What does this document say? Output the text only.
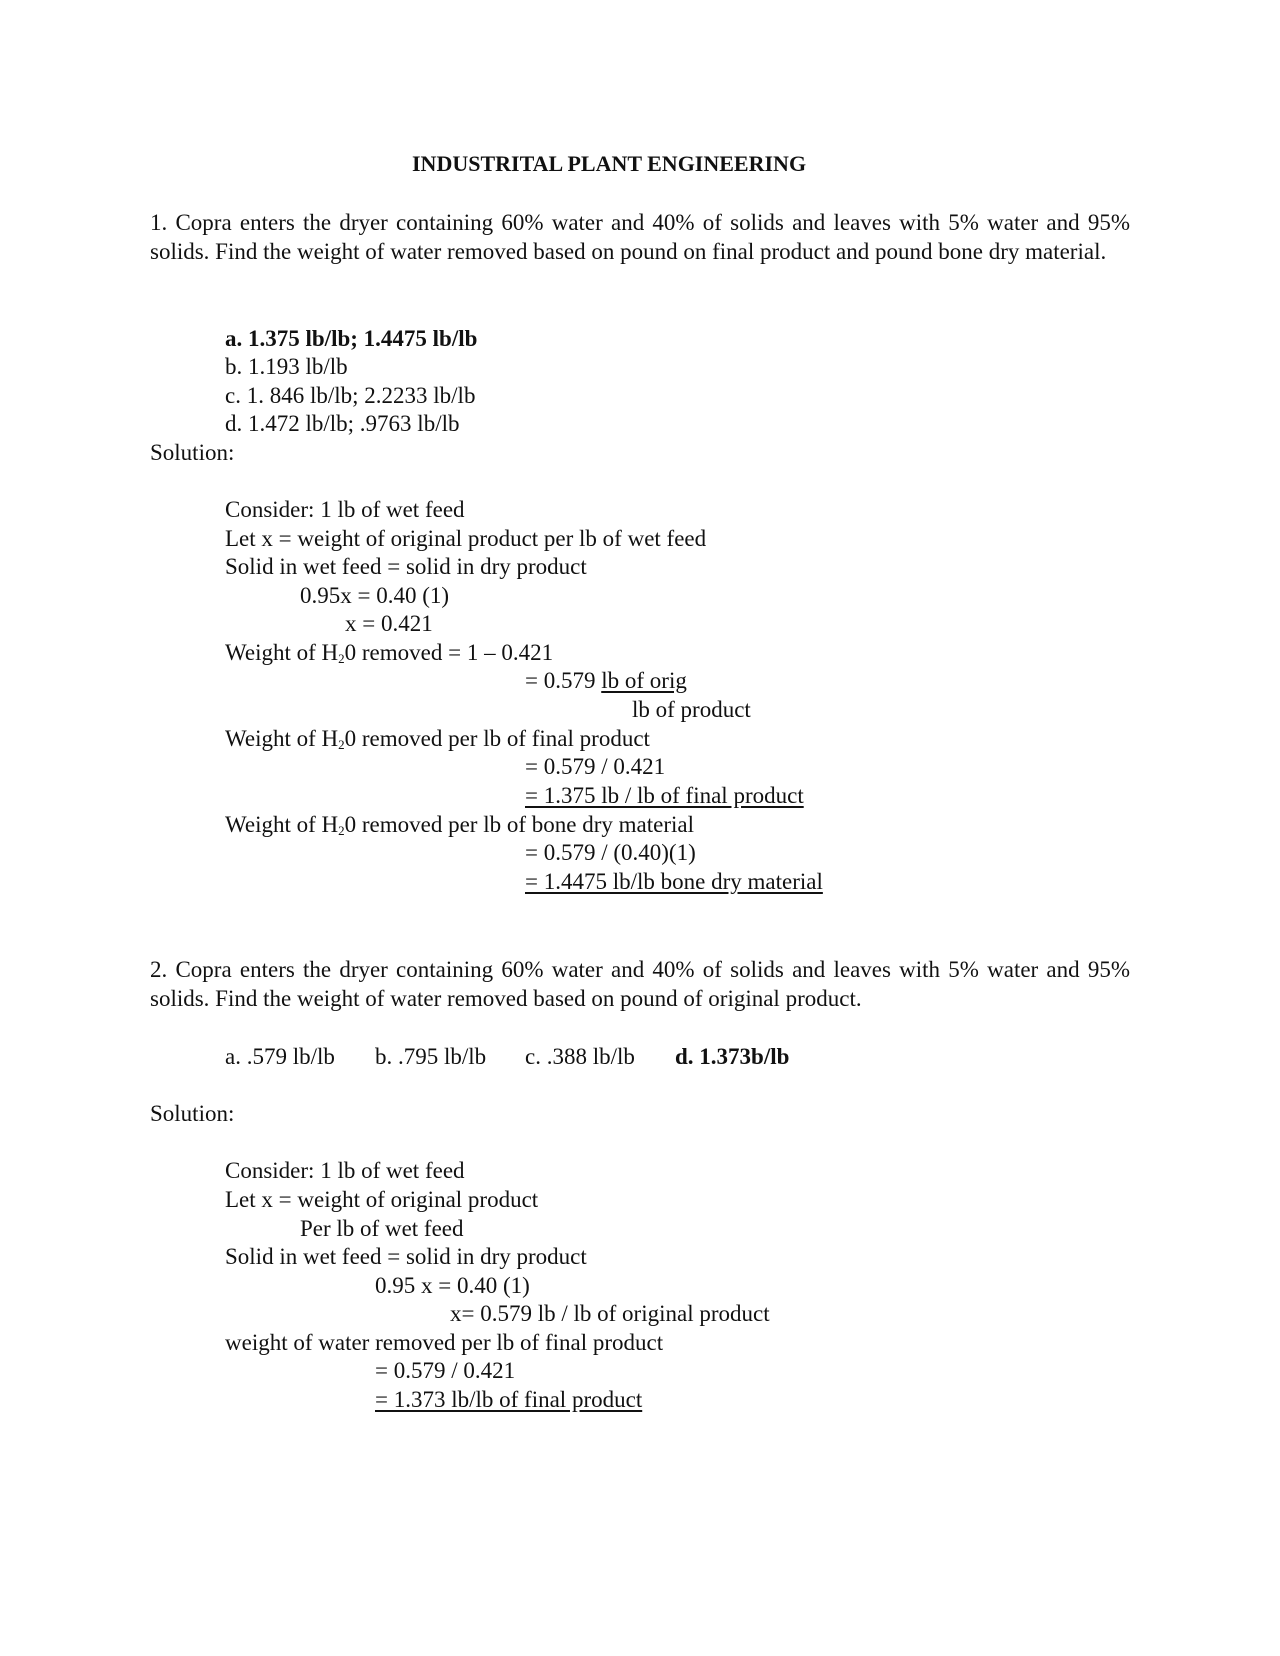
INDUSTRITAL PLANT ENGINEERING
1. Copra enters the dryer containing 60% water and 40% of solids and leaves with 5% water and 95% solids. Find the weight of water removed based on pound on final product and pound bone dry material.
a. 1.375 lb/lb; 1.4475 lb/lb
b. 1.193 lb/lb
c. 1. 846 lb/lb; 2.2233 lb/lb
d. 1.472 lb/lb; .9763 lb/lb
Solution:
Consider: 1 lb of wet feed
Let x = weight of original product per lb of wet feed
Solid in wet feed = solid in dry product
0.95x = 0.40 (1)
x = 0.421
Weight of $H_20$ removed = 1 – 0.421
= 0.579 lb of orig
lb of product
Weight of $H_20$ removed per lb of final product
= 0.579 / 0.421
= 1.375 lb / lb of final product
Weight of $H_20$ removed per lb of bone dry material
= 0.579 / (0.40)(1)
= 1.4475 lb/lb bone dry material
2. Copra enters the dryer containing 60% water and 40% of solids and leaves with 5% water and 95% solids. Find the weight of water removed based on pound of original product.
a. .579 lb/lb b. .795 lb/lb c. .388 lb/lb d. 1.373b/lb
Solution:
Consider: 1 lb of wet feed
Let x = weight of original product
Per lb of wet feed
Solid in wet feed = solid in dry product
0.95 x = 0.40 (1)
x= 0.579 lb / lb of original product
weight of water removed per lb of final product
= 0.579 / 0.421
= 1.373 lb/lb of final product
